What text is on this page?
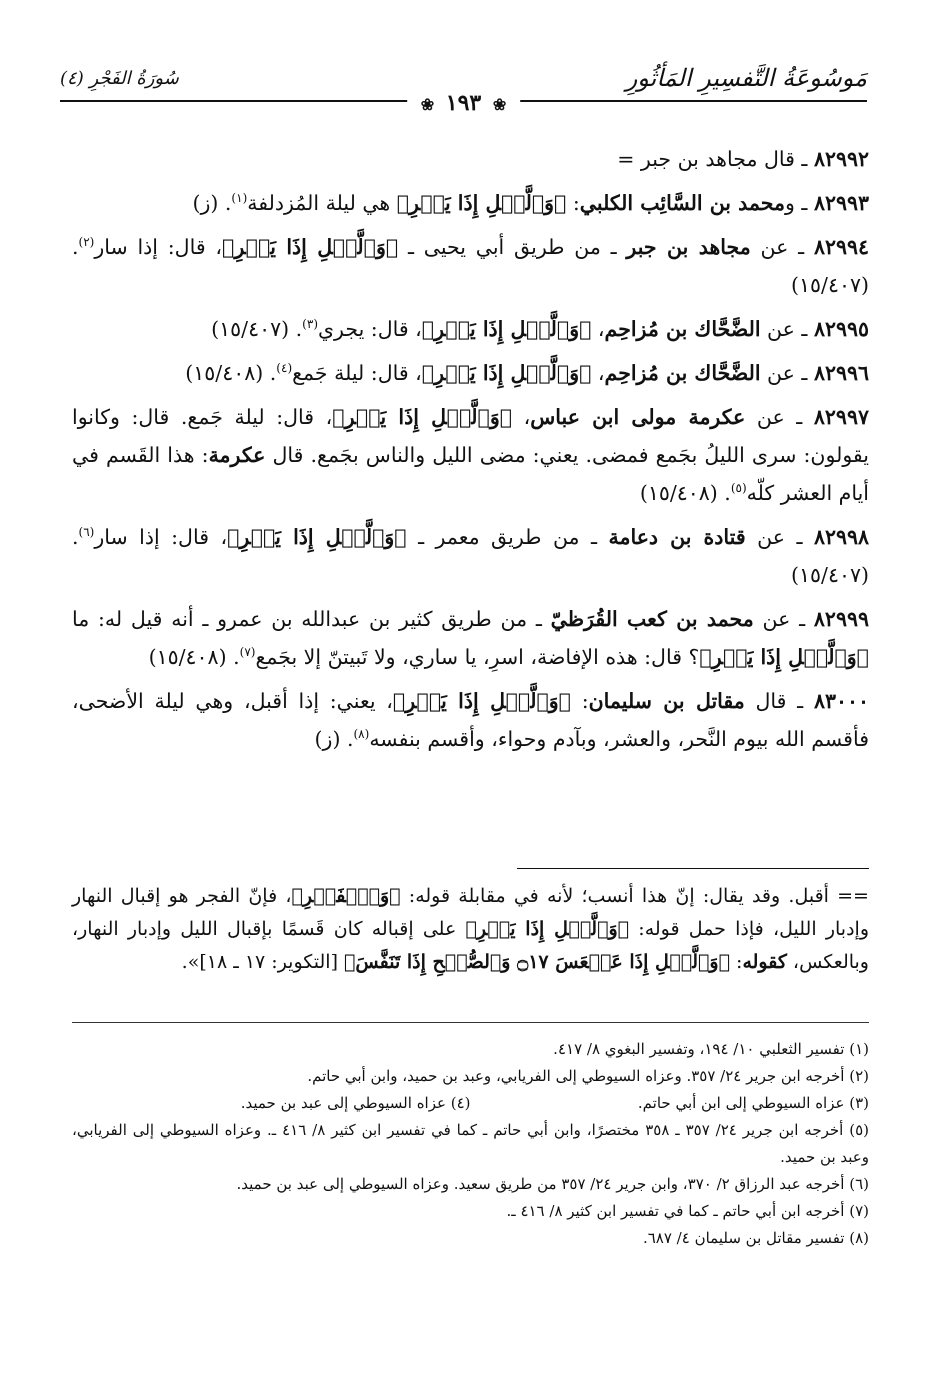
مَوسُوعَةُ التَّفسِيرِ المَأثُورِ
سُورَةُ الفَجْرِ (٤)
❀ ١٩٣ ❀

٨٢٩٩٢ ـ قال مجاهد بن جبر =

٨٢٩٩٣ ـ ومحمد بن السَّائِب الكلبي: ﴿وَٱلَّيۡلِ إِذَا يَسۡرِ﴾ هي ليلة المُزدلفة$^{(١)}$. (ز)

٨٢٩٩٤ ـ عن مجاهد بن جبر ـ من طريق أبي يحيى ـ ﴿وَٱلَّيۡلِ إِذَا يَسۡرِ﴾، قال: إذا سار$^{(٢)}$. (١٥/٤٠٧)

٨٢٩٩٥ ـ عن الضَّحَّاك بن مُزاحِم، ﴿وَٱلَّيۡلِ إِذَا يَسۡرِ﴾، قال: يجري$^{(٣)}$. (١٥/٤٠٧)

٨٢٩٩٦ ـ عن الضَّحَّاك بن مُزاحِم، ﴿وَٱلَّيۡلِ إِذَا يَسۡرِ﴾، قال: ليلة جَمع$^{(٤)}$. (١٥/٤٠٨)

٨٢٩٩٧ ـ عن عكرمة مولى ابن عباس، ﴿وَٱلَّيۡلِ إِذَا يَسۡرِ﴾، قال: ليلة جَمع. قال: وكانوا يقولون: سرى الليلُ بجَمع فمضى. يعني: مضى الليل والناس بجَمع. قال عكرمة: هذا القَسم في أيام العشر كلّه$^{(٥)}$. (١٥/٤٠٨)

٨٢٩٩٨ ـ عن قتادة بن دعامة ـ من طريق معمر ـ ﴿وَٱلَّيۡلِ إِذَا يَسۡرِ﴾، قال: إذا سار$^{(٦)}$. (١٥/٤٠٧)

٨٢٩٩٩ ـ عن محمد بن كعب القُرَظيّ ـ من طريق كثير بن عبدالله بن عمرو ـ أنه قيل له: ما ﴿وَٱلَّيۡلِ إِذَا يَسۡرِ﴾؟ قال: هذه الإفاضة، اسرِ، يا ساري، ولا تَبيتنّ إلا بجَمع$^{(٧)}$. (١٥/٤٠٨)

٨٣٠٠٠ ـ قال مقاتل بن سليمان: ﴿وَٱلَّيۡلِ إِذَا يَسۡرِ﴾، يعني: إذا أقبل، وهي ليلة الأضحى، فأقسم الله بيوم النَّحر، والعشر، وبآدم وحواء، وأقسم بنفسه$^{(٨)}$. (ز)

== أقبل. وقد يقال: إنّ هذا أنسب؛ لأنه في مقابلة قوله: ﴿وَٱلۡفَجۡرِ﴾، فإنّ الفجر هو إقبال النهار وإدبار الليل، فإذا حمل قوله: ﴿وَٱلَّيۡلِ إِذَا يَسۡرِ﴾ على إقباله كان قَسمًا بإقبال الليل وإدبار النهار، وبالعكس، كقوله: ﴿وَٱلَّيۡلِ إِذَا عَسۡعَسَ ۝١٧ وَٱلصُّبۡحِ إِذَا تَنَفَّسَ﴾ [التكوير: ١٧ ـ ١٨]».

(١) تفسير الثعلبي ١٠/ ١٩٤، وتفسير البغوي ٨/ ٤١٧.

(٢) أخرجه ابن جرير ٢٤/ ٣٥٧. وعزاه السيوطي إلى الفريابي، وعبد بن حميد، وابن أبي حاتم.

(٣) عزاه السيوطي إلى ابن أبي حاتم.

(٤) عزاه السيوطي إلى عبد بن حميد.

(٥) أخرجه ابن جرير ٢٤/ ٣٥٧ ـ ٣٥٨ مختصرًا، وابن أبي حاتم ـ كما في تفسير ابن كثير ٨/ ٤١٦ ـ. وعزاه السيوطي إلى الفريابي، وعبد بن حميد.

(٦) أخرجه عبد الرزاق ٢/ ٣٧٠، وابن جرير ٢٤/ ٣٥٧ من طريق سعيد. وعزاه السيوطي إلى عبد بن حميد.

(٧) أخرجه ابن أبي حاتم ـ كما في تفسير ابن كثير ٨/ ٤١٦ ـ.

(٨) تفسير مقاتل بن سليمان ٤/ ٦٨٧.
